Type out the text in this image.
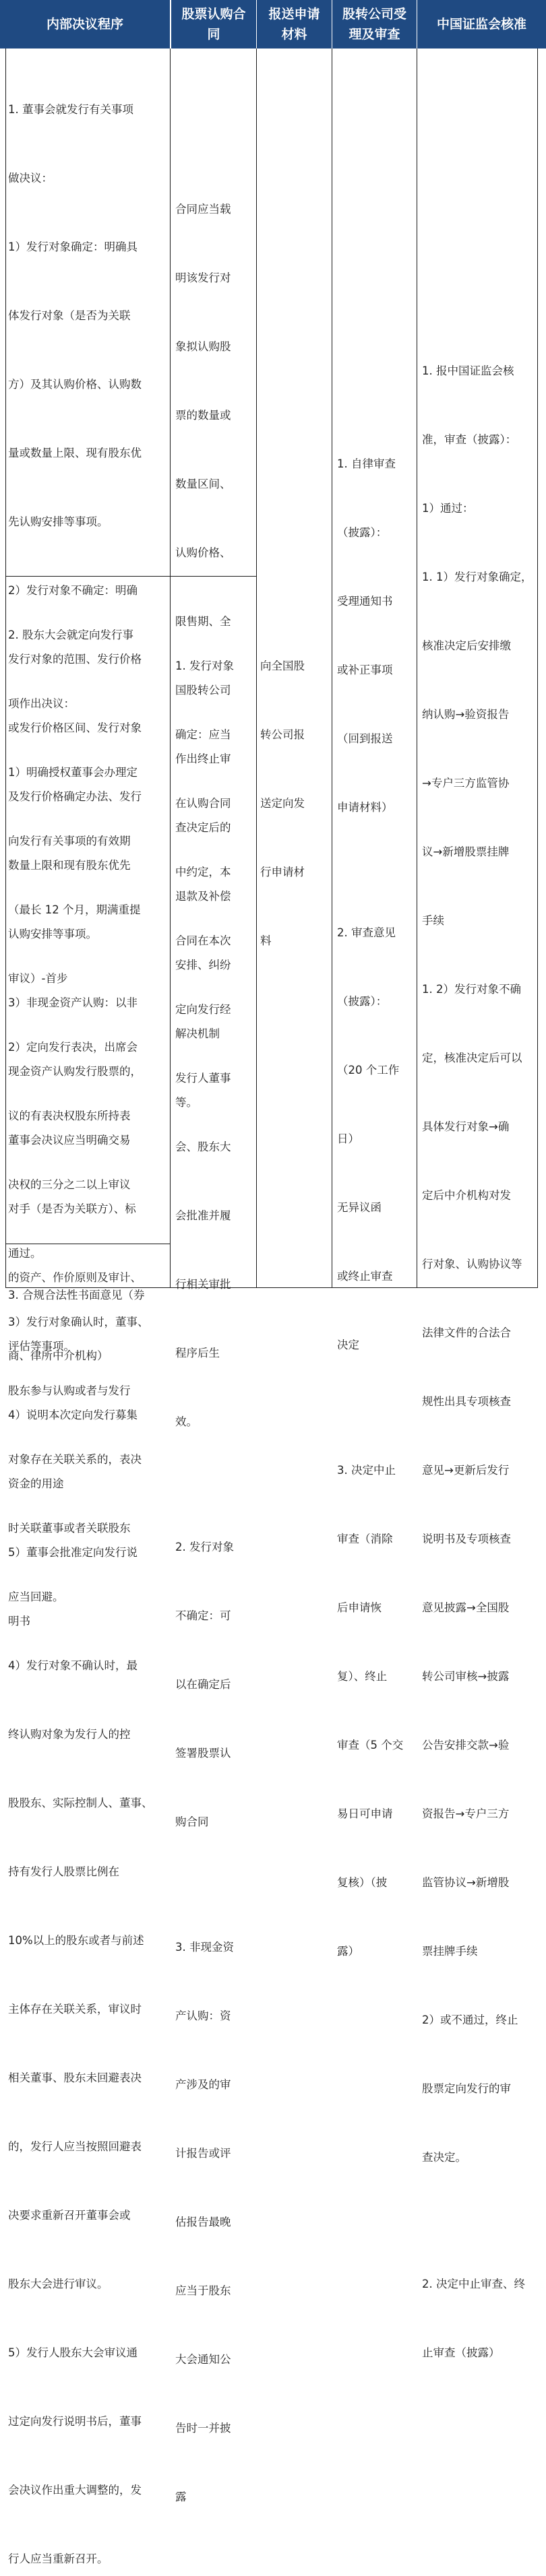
内部决议程序
股票认购合
同
报送申请
材料
股转公司受
理及审查
中国证监会核准

1. 董事会就发行有关事项

做决议：

1）发行对象确定：明确具

体发行对象（是否为关联

方）及其认购价格、认购数

量或数量上限、现有股东优

先认购安排等事项。

2）发行对象不确定：明确

发行对象的范围、发行价格

或发行价格区间、发行对象

及发行价格确定办法、发行

数量上限和现有股东优先

认购安排等事项。

3）非现金资产认购：以非

现金资产认购发行股票的，

董事会决议应当明确交易

对手（是否为关联方）、标

的资产、作价原则及审计、

评估等事项。

4）说明本次定向发行募集

资金的用途

5）董事会批准定向发行说

明书

2. 股东大会就定向发行事

项作出决议：

1）明确授权董事会办理定

向发行有关事项的有效期

（最长 12 个月，期满重提

审议）-首步

2）定向发行表决，出席会

议的有表决权股东所持表

决权的三分之二以上审议

通过。

3）发行对象确认时，董事、

股东参与认购或者与发行

对象存在关联关系的，表决

时关联董事或者关联股东

应当回避。

4）发行对象不确认时，最

终认购对象为发行人的控

股股东、实际控制人、董事、

持有发行人股票比例在

10%以上的股东或者与前述

主体存在关联关系，审议时

相关董事、股东未回避表决

的，发行人应当按照回避表

决要求重新召开董事会或

股东大会进行审议。

5）发行人股东大会审议通

过定向发行说明书后，董事

会决议作出重大调整的，发

行人应当重新召开。

3. 合规合法性书面意见（券

商、律所中介机构）

合同应当载

明该发行对

象拟认购股

票的数量或

数量区间、

认购价格、

限售期、全

国股转公司

作出终止审

查决定后的

退款及补偿

安排、纠纷

解决机制

等。

1. 发行对象

确定：应当

在认购合同

中约定，本

合同在本次

定向发行经

发行人董事

会、股东大

会批准并履

行相关审批

程序后生

效。

2. 发行对象

不确定：可

以在确定后

签署股票认

购合同

3. 非现金资

产认购：资

产涉及的审

计报告或评

估报告最晚

应当于股东

大会通知公

告时一并披

露

向全国股

转公司报

送定向发

行申请材

料

1. 自律审查

（披露）：

受理通知书

或补正事项

（回到报送

申请材料）

2. 审查意见

（披露）：

（20 个工作

日）

无异议函

或终止审查

决定

3. 决定中止

审查（消除

后申请恢

复）、终止

审查（5 个交

易日可申请

复核）（披

露）

1. 报中国证监会核

准，审查（披露）：

1）通过：

1. 1）发行对象确定，

核准决定后安排缴

纳认购→验资报告

→专户三方监管协

议→新增股票挂牌

手续

1. 2）发行对象不确

定，核准决定后可以

具体发行对象→确

定后中介机构对发

行对象、认购协议等

法律文件的合法合

规性出具专项核查

意见→更新后发行

说明书及专项核查

意见披露→全国股

转公司审核→披露

公告安排交款→验

资报告→专户三方

监管协议→新增股

票挂牌手续

2）或不通过，终止

股票定向发行的审

查决定。

2. 决定中止审查、终

止审查（披露）
